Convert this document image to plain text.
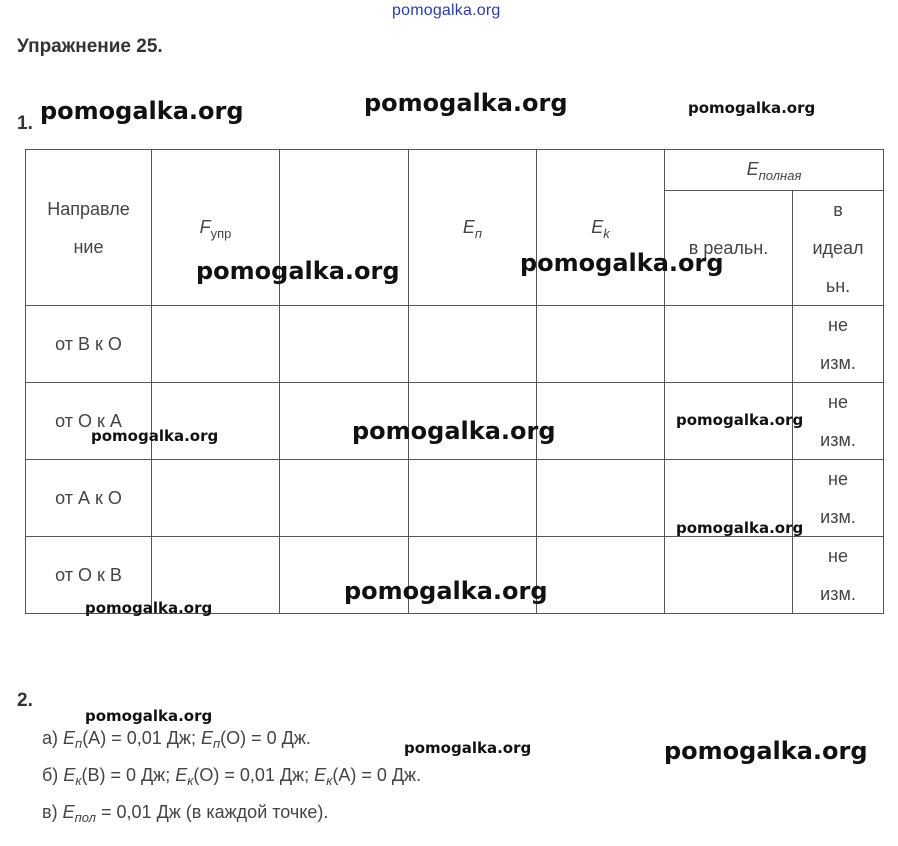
pomogalka.org
Упражнение 25.
1.
Направле
ние	$F_{упр}$		$E_п$	$E_k$	$E_{полная}$
					в реальн.	в
идеал
ьн.

от В к О						не
изм.

от О к А						не
изм.

от А к О						не
изм.

от О к В						не
изм.
2.
а) $E_п(А) = 0,01$ Дж; $E_п(О) = 0$ Дж.
б) $E_к(В) = 0$ Дж; $E_к(О) = 0,01$ Дж; $E_к(А) = 0$ Дж.
в) $E_{пол} = 0,01$ Дж (в каждой точке).
pomogalka.org	pomogalka.org	pomogalka.org
pomogalka.org	pomogalka.org
pomogalka.org
pomogalka.org	pomogalka.org
pomogalka.org
pomogalka.org
pomogalka.org
pomogalka.org
pomogalka.org	pomogalka.org
